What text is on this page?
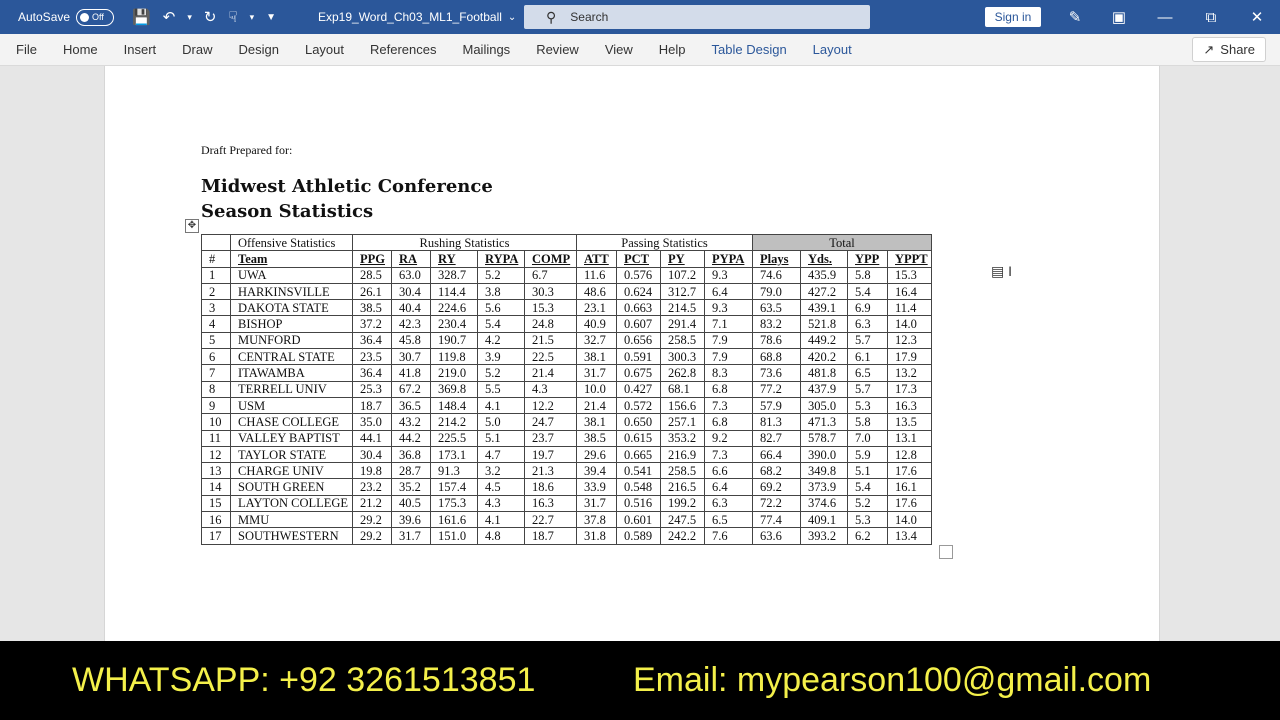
AutoSave Off 💾 ↶ ▾ ↻ ☟ ▾ ▼	Exp19_Word_Ch03_ML1_Football ⌄ ⚲ Search	Sign in	✎	▣	—	⧉	✕
File	Home	Insert	Draw	Design	Layout	References	Mailings	Review	View	Help	Table Design	Layout	↗ Share
Draft Prepared for:
Midwest Athletic Conference
Season Statistics
✥
	Offensive Statistics	Rushing Statistics					Passing Statistics				Total			
#	Team	PPG	RA	RY	RYPA	COMP	ATT	PCT	PY	PYPA	Plays	Yds.	YPP	YPPT
1	UWA	28.5	63.0	328.7	5.2	6.7	11.6	0.576	107.2	9.3	74.6	435.9	5.8	15.3
2	HARKINSVILLE	26.1	30.4	114.4	3.8	30.3	48.6	0.624	312.7	6.4	79.0	427.2	5.4	16.4
3	DAKOTA STATE	38.5	40.4	224.6	5.6	15.3	23.1	0.663	214.5	9.3	63.5	439.1	6.9	11.4
4	BISHOP	37.2	42.3	230.4	5.4	24.8	40.9	0.607	291.4	7.1	83.2	521.8	6.3	14.0
5	MUNFORD	36.4	45.8	190.7	4.2	21.5	32.7	0.656	258.5	7.9	78.6	449.2	5.7	12.3
6	CENTRAL STATE	23.5	30.7	119.8	3.9	22.5	38.1	0.591	300.3	7.9	68.8	420.2	6.1	17.9
7	ITAWAMBA	36.4	41.8	219.0	5.2	21.4	31.7	0.675	262.8	8.3	73.6	481.8	6.5	13.2
8	TERRELL UNIV	25.3	67.2	369.8	5.5	4.3	10.0	0.427	68.1	6.8	77.2	437.9	5.7	17.3
9	USM	18.7	36.5	148.4	4.1	12.2	21.4	0.572	156.6	7.3	57.9	305.0	5.3	16.3
10	CHASE COLLEGE	35.0	43.2	214.2	5.0	24.7	38.1	0.650	257.1	6.8	81.3	471.3	5.8	13.5
11	VALLEY BAPTIST	44.1	44.2	225.5	5.1	23.7	38.5	0.615	353.2	9.2	82.7	578.7	7.0	13.1
12	TAYLOR STATE	30.4	36.8	173.1	4.7	19.7	29.6	0.665	216.9	7.3	66.4	390.0	5.9	12.8
13	CHARGE UNIV	19.8	28.7	91.3	3.2	21.3	39.4	0.541	258.5	6.6	68.2	349.8	5.1	17.6
14	SOUTH GREEN	23.2	35.2	157.4	4.5	18.6	33.9	0.548	216.5	6.4	69.2	373.9	5.4	16.1
15	LAYTON COLLEGE	21.2	40.5	175.3	4.3	16.3	31.7	0.516	199.2	6.3	72.2	374.6	5.2	17.6
16	MMU	29.2	39.6	161.6	4.1	22.7	37.8	0.601	247.5	6.5	77.4	409.1	5.3	14.0
17	SOUTHWESTERN	29.2	31.7	151.0	4.8	18.7	31.8	0.589	242.2	7.6	63.6	393.2	6.2	13.4
▤ I
WHATSAPP: +92 3261513851	Email: mypearson100@gmail.com
